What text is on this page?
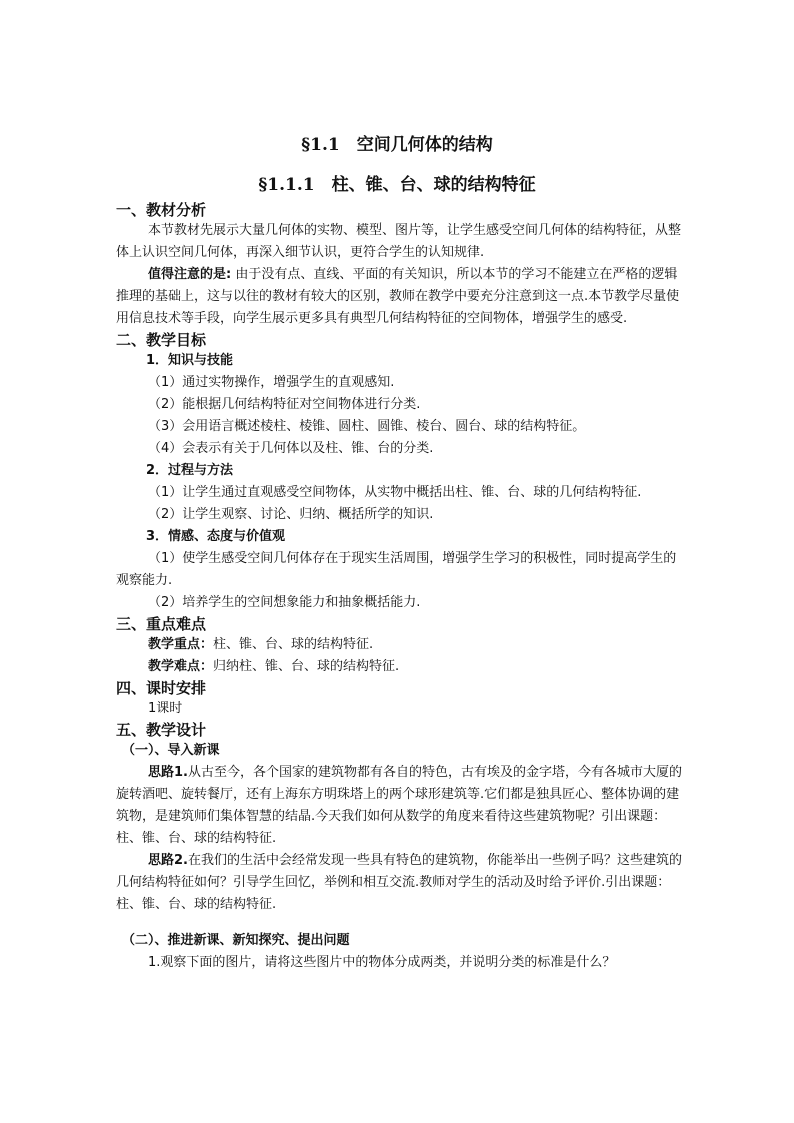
§1.1　空间几何体的结构
§1.1.1　柱、锥、台、球的结构特征
一、教材分析

本节教材先展示大量几何体的实物、模型、图片等，让学生感受空间几何体的结构特征，从整体上认识空间几何体，再深入细节认识，更符合学生的认知规律.

值得注意的是: 由于没有点、直线、平面的有关知识，所以本节的学习不能建立在严格的逻辑推理的基础上，这与以往的教材有较大的区别，教师在教学中要充分注意到这一点.本节教学尽量使用信息技术等手段，向学生展示更多具有典型几何结构特征的空间物体，增强学生的感受.

二、教学目标
1．知识与技能
（1）通过实物操作，增强学生的直观感知.
（2）能根据几何结构特征对空间物体进行分类.
（3）会用语言概述棱柱、棱锥、圆柱、圆锥、棱台、圆台、球的结构特征。
（4）会表示有关于几何体以及柱、锥、台的分类.
2．过程与方法
（1）让学生通过直观感受空间物体，从实物中概括出柱、锥、台、球的几何结构特征.
（2）让学生观察、讨论、归纳、概括所学的知识.
3．情感、态度与价值观

（1）使学生感受空间几何体存在于现实生活周围，增强学生学习的积极性，同时提高学生的观察能力.

（2）培养学生的空间想象能力和抽象概括能力.
三、重点难点

教学重点：柱、锥、台、球的结构特征.

教学难点：归纳柱、锥、台、球的结构特征.

四、课时安排
1课时
五、教学设计
（一）、导入新课

思路1.从古至今，各个国家的建筑物都有各自的特色，古有埃及的金字塔，今有各城市大厦的旋转酒吧、旋转餐厅，还有上海东方明珠塔上的两个球形建筑等.它们都是独具匠心、整体协调的建筑物，是建筑师们集体智慧的结晶.今天我们如何从数学的角度来看待这些建筑物呢？引出课题：柱、锥、台、球的结构特征.

思路2.在我们的生活中会经常发现一些具有特色的建筑物，你能举出一些例子吗？这些建筑的几何结构特征如何？引导学生回忆，举例和相互交流.教师对学生的活动及时给予评价.引出课题：柱、锥、台、球的结构特征.

（二）、推进新课、新知探究、提出问题
1.观察下面的图片，请将这些图片中的物体分成两类，并说明分类的标准是什么？
